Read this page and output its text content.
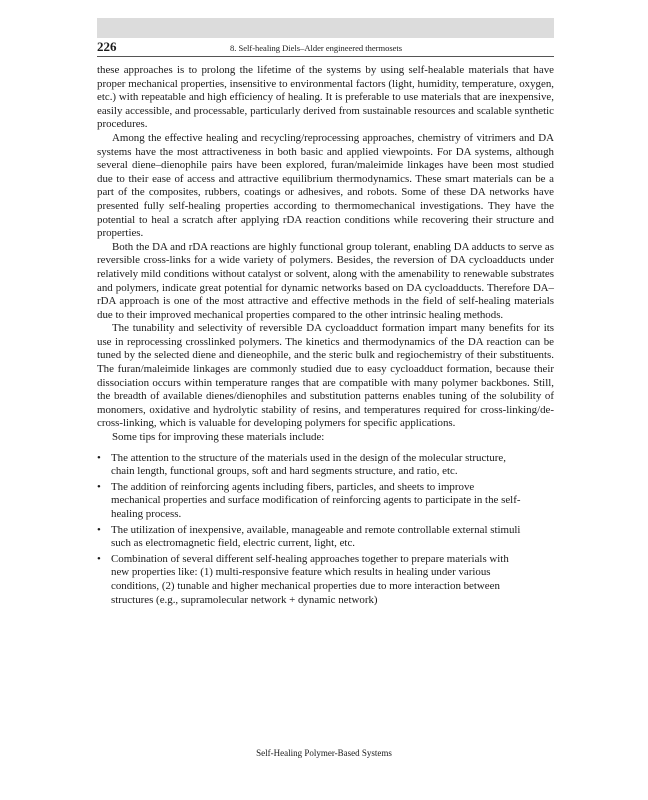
226	8. Self-healing Diels–Alder engineered thermosets

these approaches is to prolong the lifetime of the systems by using self-healable materials that have proper mechanical properties, insensitive to environmental factors (light, humidity, temperature, oxygen, etc.) with repeatable and high efficiency of healing. It is preferable to use materials that are inexpensive, easily accessible, and processable, particularly derived from sustainable resources and scalable synthetic procedures.

Among the effective healing and recycling/reprocessing approaches, chemistry of vitrimers and DA systems have the most attractiveness in both basic and applied viewpoints. For DA systems, although several diene–dienophile pairs have been explored, furan/maleimide linkages have been most studied due to their ease of access and attractive equilibrium thermodynamics. These smart materials can be a part of the composites, rubbers, coatings or adhesives, and robots. Some of these DA networks have presented fully self-healing properties according to thermomechanical investigations. They have the potential to heal a scratch after applying rDA reaction conditions while recovering their structure and properties.

Both the DA and rDA reactions are highly functional group tolerant, enabling DA adducts to serve as reversible cross-links for a wide variety of polymers. Besides, the reversion of DA cycloadducts under relatively mild conditions without catalyst or solvent, along with the amenability to renewable substrates and polymers, indicate great potential for dynamic networks based on DA cycloadducts. Therefore DA–rDA approach is one of the most attractive and effective methods in the field of self-healing materials due to their improved mechanical properties compared to the other intrinsic healing methods.

The tunability and selectivity of reversible DA cycloadduct formation impart many benefits for its use in reprocessing crosslinked polymers. The kinetics and thermodynamics of the DA reaction can be tuned by the selected diene and dieneophile, and the steric bulk and regiochemistry of their substituents. The furan/maleimide linkages are commonly studied due to easy cycloadduct formation, because their dissociation occurs within temperature ranges that are compatible with many polymer backbones. Still, the breadth of available dienes/dienophiles and substitution patterns enables tuning of the solubility of monomers, oxidative and hydrolytic stability of resins, and temperatures required for cross-linking/de-cross-linking, which is valuable for developing polymers for specific applications.

Some tips for improving these materials include:

• The attention to the structure of the materials used in the design of the molecular structure, chain length, functional groups, soft and hard segments structure, and ratio, etc.
• The addition of reinforcing agents including fibers, particles, and sheets to improve mechanical properties and surface modification of reinforcing agents to participate in the self-healing process.
• The utilization of inexpensive, available, manageable and remote controllable external stimuli such as electromagnetic field, electric current, light, etc.
• Combination of several different self-healing approaches together to prepare materials with new properties like: (1) multi-responsive feature which results in healing under various conditions, (2) tunable and higher mechanical properties due to more interaction between structures (e.g., supramolecular network + dynamic network)
Self-Healing Polymer-Based Systems
